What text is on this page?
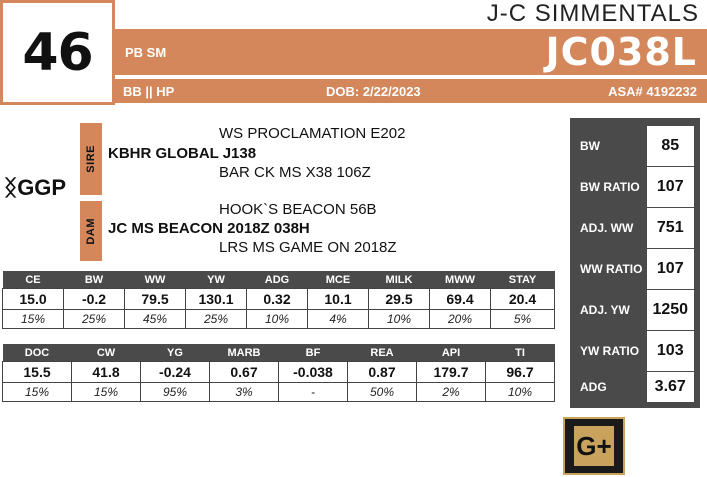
46
J-C SIMMENTALS
PB SM	JC038L
BB || HP	DOB: 2/22/2023	ASA# 4192232
ᛝGGP
SIRE
DAM
WS PROCLAMATION E202
KBHR GLOBAL J138
BAR CK MS X38 106Z
HOOK`S BEACON 56B
JC MS BEACON 2018Z 038H
LRS MS GAME ON 2018Z
CE	BW	WW	YW	ADG	MCE	MILK	MWW	STAY
15.0	-0.2	79.5	130.1	0.32	10.1	29.5	69.4	20.4
15%	25%	45%	25%	10%	4%	10%	20%	5%
DOC	CW	YG	MARB	BF	REA	API	TI
15.5	41.8	-0.24	0.67	-0.038	0.87	179.7	96.7
15%	15%	95%	3%	-	50%	2%	10%
BW	85
BW RATIO	107
ADJ. WW	751
WW RATIO 107
ADJ. YW	1250
YW RATIO	103
ADG	3.67
G+
